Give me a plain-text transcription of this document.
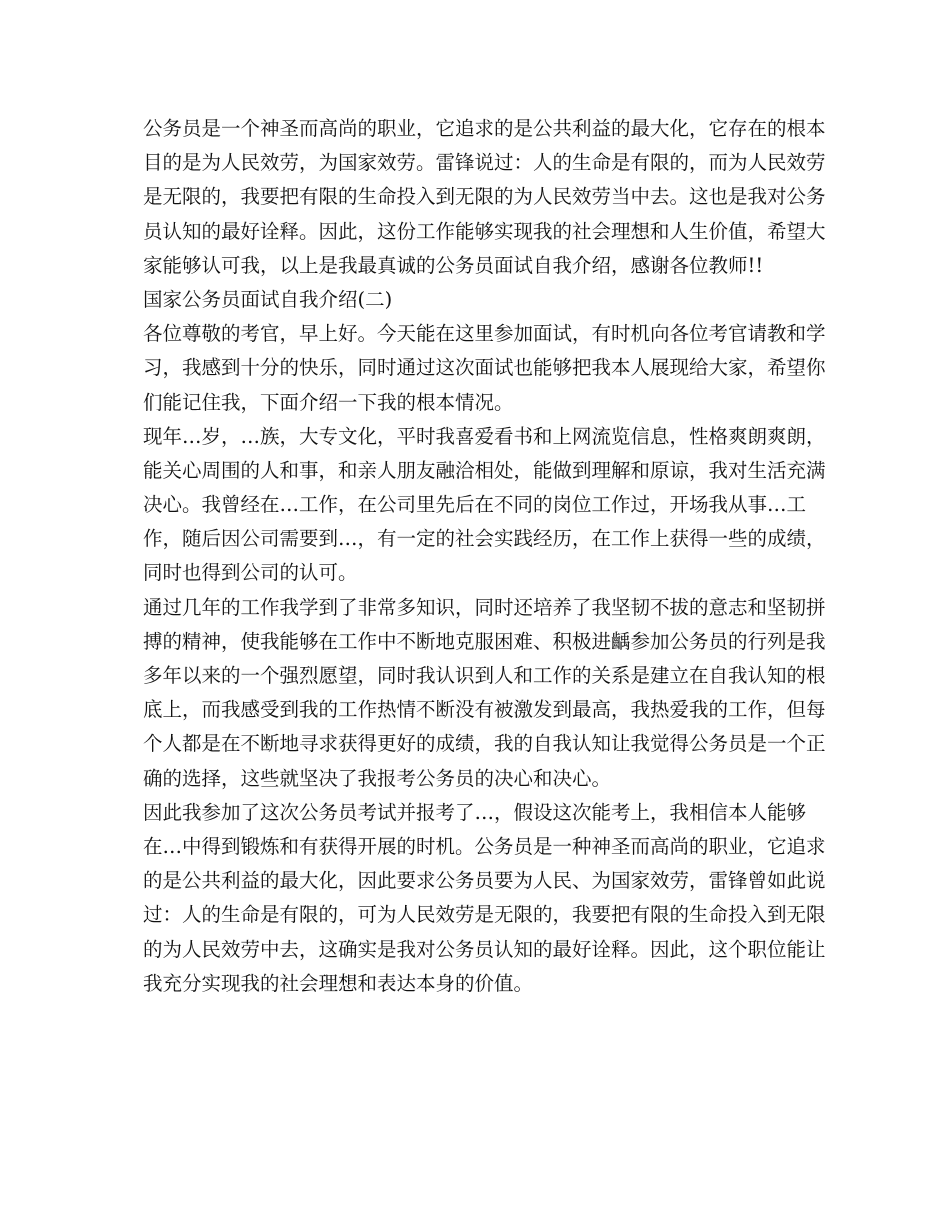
公务员是一个神圣而高尚的职业，它追求的是公共利益的最大化，它存在的根本
目的是为人民效劳，为国家效劳。雷锋说过：人的生命是有限的，而为人民效劳
是无限的，我要把有限的生命投入到无限的为人民效劳当中去。这也是我对公务
员认知的最好诠释。因此，这份工作能够实现我的社会理想和人生价值，希望大
家能够认可我，以上是我最真诚的公务员面试自我介绍，感谢各位教师!!
国家公务员面试自我介绍(二)
各位尊敬的考官，早上好。今天能在这里参加面试，有时机向各位考官请教和学
习，我感到十分的快乐，同时通过这次面试也能够把我本人展现给大家，希望你
们能记住我，下面介绍一下我的根本情况。
现年…岁，…族，大专文化，平时我喜爱看书和上网流览信息，性格爽朗爽朗，
能关心周围的人和事，和亲人朋友融洽相处，能做到理解和原谅，我对生活充满
决心。我曾经在…工作，在公司里先后在不同的岗位工作过，开场我从事…工
作，随后因公司需要到…，有一定的社会实践经历，在工作上获得一些的成绩，
同时也得到公司的认可。
通过几年的工作我学到了非常多知识，同时还培养了我坚韧不拔的意志和坚韧拼
搏的精神，使我能够在工作中不断地克服困难、积极进齲参加公务员的行列是我
多年以来的一个强烈愿望，同时我认识到人和工作的关系是建立在自我认知的根
底上，而我感受到我的工作热情不断没有被激发到最高，我热爱我的工作，但每
个人都是在不断地寻求获得更好的成绩，我的自我认知让我觉得公务员是一个正
确的选择，这些就坚决了我报考公务员的决心和决心。
因此我参加了这次公务员考试并报考了…，假设这次能考上，我相信本人能够
在…中得到锻炼和有获得开展的时机。公务员是一种神圣而高尚的职业，它追求
的是公共利益的最大化，因此要求公务员要为人民、为国家效劳，雷锋曾如此说
过：人的生命是有限的，可为人民效劳是无限的，我要把有限的生命投入到无限
的为人民效劳中去，这确实是我对公务员认知的最好诠释。因此，这个职位能让
我充分实现我的社会理想和表达本身的价值。
